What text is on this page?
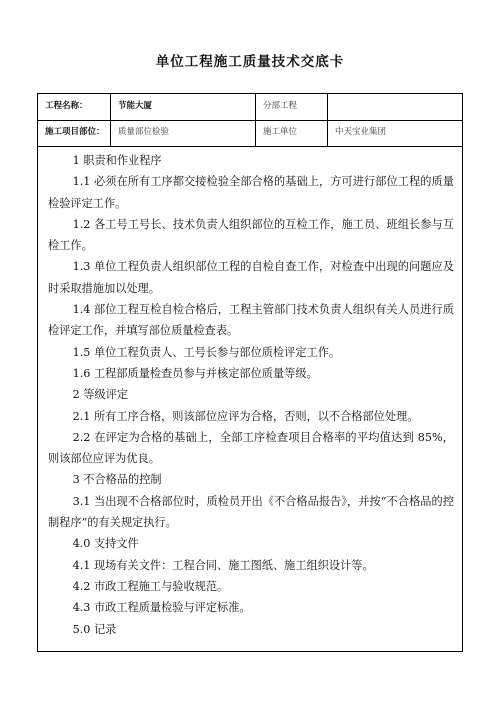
单位工程施工质量技术交底卡
工程名称：	节能大厦	分部工程
施工项目部位：	质量部位检验	施工单位	中天宝业集团

1 职责和作业程序

1.1 必须在所有工序都交接检验全部合格的基础上，方可进行部位工程的质量检验评定工作。

1.2 各工号工号长、技术负责人组织部位的互检工作，施工员、班组长参与互检工作。

1.3 单位工程负责人组织部位工程的自检自查工作，对检查中出现的问题应及时采取措施加以处理。

1.4 部位工程互检自检合格后，工程主管部门技术负责人组织有关人员进行质检评定工作，并填写部位质量检查表。

1.5 单位工程负责人、工号长参与部位质检评定工作。

1.6 工程部质量检查员参与并核定部位质量等级。

2 等级评定

2.1 所有工序合格，则该部位应评为合格，否则，以不合格部位处理。

2.2 在评定为合格的基础上，全部工序检查项目合格率的平均值达到 85%，则该部位应评为优良。

3 不合格品的控制

3.1 当出现不合格部位时，质检员开出《不合格品报告》，并按“不合格品的控制程序”的有关规定执行。

4.0 支持文件

4.1 现场有关文件：工程合同、施工图纸、施工组织设计等。

4.2 市政工程施工与验收规范。

4.3 市政工程质量检验与评定标准。

5.0 记录
